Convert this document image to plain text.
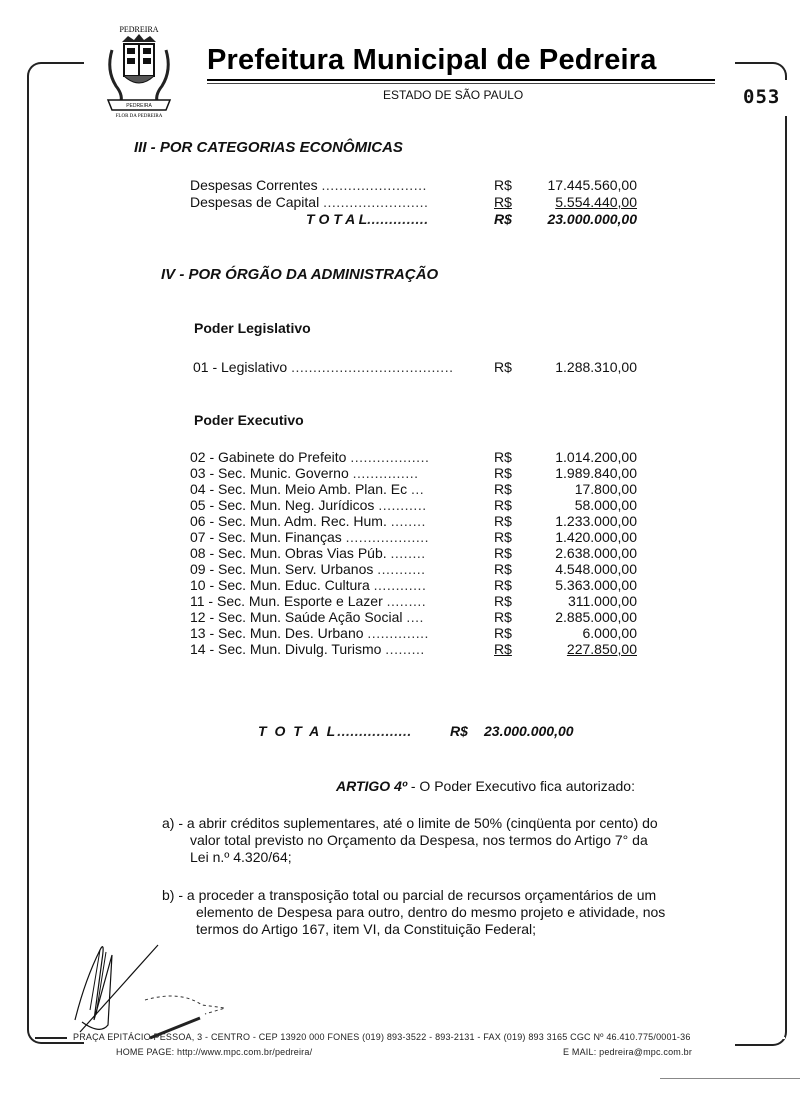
PEDREIRA
PEDREIRA
FLOR DA PEDREIRA
Prefeitura Municipal de Pedreira
ESTADO DE SÃO PAULO	053
III - POR CATEGORIAS ECONÔMICAS
Despesas Correntes ........................	R$	17.445.560,00
Despesas de Capital ........................	R$	5.554.440,00
T O T A L..............	R$	23.000.000,00
IV - POR ÓRGÃO DA ADMINISTRAÇÃO
Poder Legislativo
01 - Legislativo .....................................	R$	1.288.310,00
Poder Executivo
02 - Gabinete do Prefeito ..................	R$	1.014.200,00
03 - Sec. Munic. Governo ...............	R$	1.989.840,00
04 - Sec. Mun. Meio Amb. Plan. Ec ...	R$	17.800,00
05 - Sec. Mun. Neg. Jurídicos ...........	R$	58.000,00
06 - Sec. Mun. Adm. Rec. Hum. ........	R$	1.233.000,00
07 - Sec. Mun. Finanças ...................	R$	1.420.000,00
08 - Sec. Mun. Obras Vias Púb. ........	R$	2.638.000,00
09 - Sec. Mun. Serv. Urbanos ...........	R$	4.548.000,00
10 - Sec. Mun. Educ. Cultura ............	R$	5.363.000,00
11 - Sec. Mun. Esporte e Lazer .........	R$	311.000,00
12 - Sec. Mun. Saúde Ação Social ....	R$	2.885.000,00
13 - Sec. Mun. Des. Urbano ..............	R$	6.000,00
14 - Sec. Mun. Divulg. Turismo .........	R$	227.850,00
T O T A L.................	R$ 23.000.000,00
ARTIGO 4º - O Poder Executivo fica autorizado:
a) - a abrir créditos suplementares, até o limite de 50% (cinqüenta por cento) do
valor total previsto no Orçamento da Despesa, nos termos do Artigo 7° da
Lei n.º 4.320/64;
b) - a proceder a transposição total ou parcial de recursos orçamentários de um
elemento de Despesa para outro, dentro do mesmo projeto e atividade, nos
termos do Artigo 167, item VI, da Constituição Federal;
PRAÇA EPITÁCIO PESSOA, 3 - CENTRO - CEP 13920 000 FONES (019) 893-3522 - 893-2131 - FAX (019) 893 3165 CGC Nº 46.410.775/0001-36
HOME PAGE: http://www.mpc.com.br/pedreira/	E MAIL: pedreira@mpc.com.br
